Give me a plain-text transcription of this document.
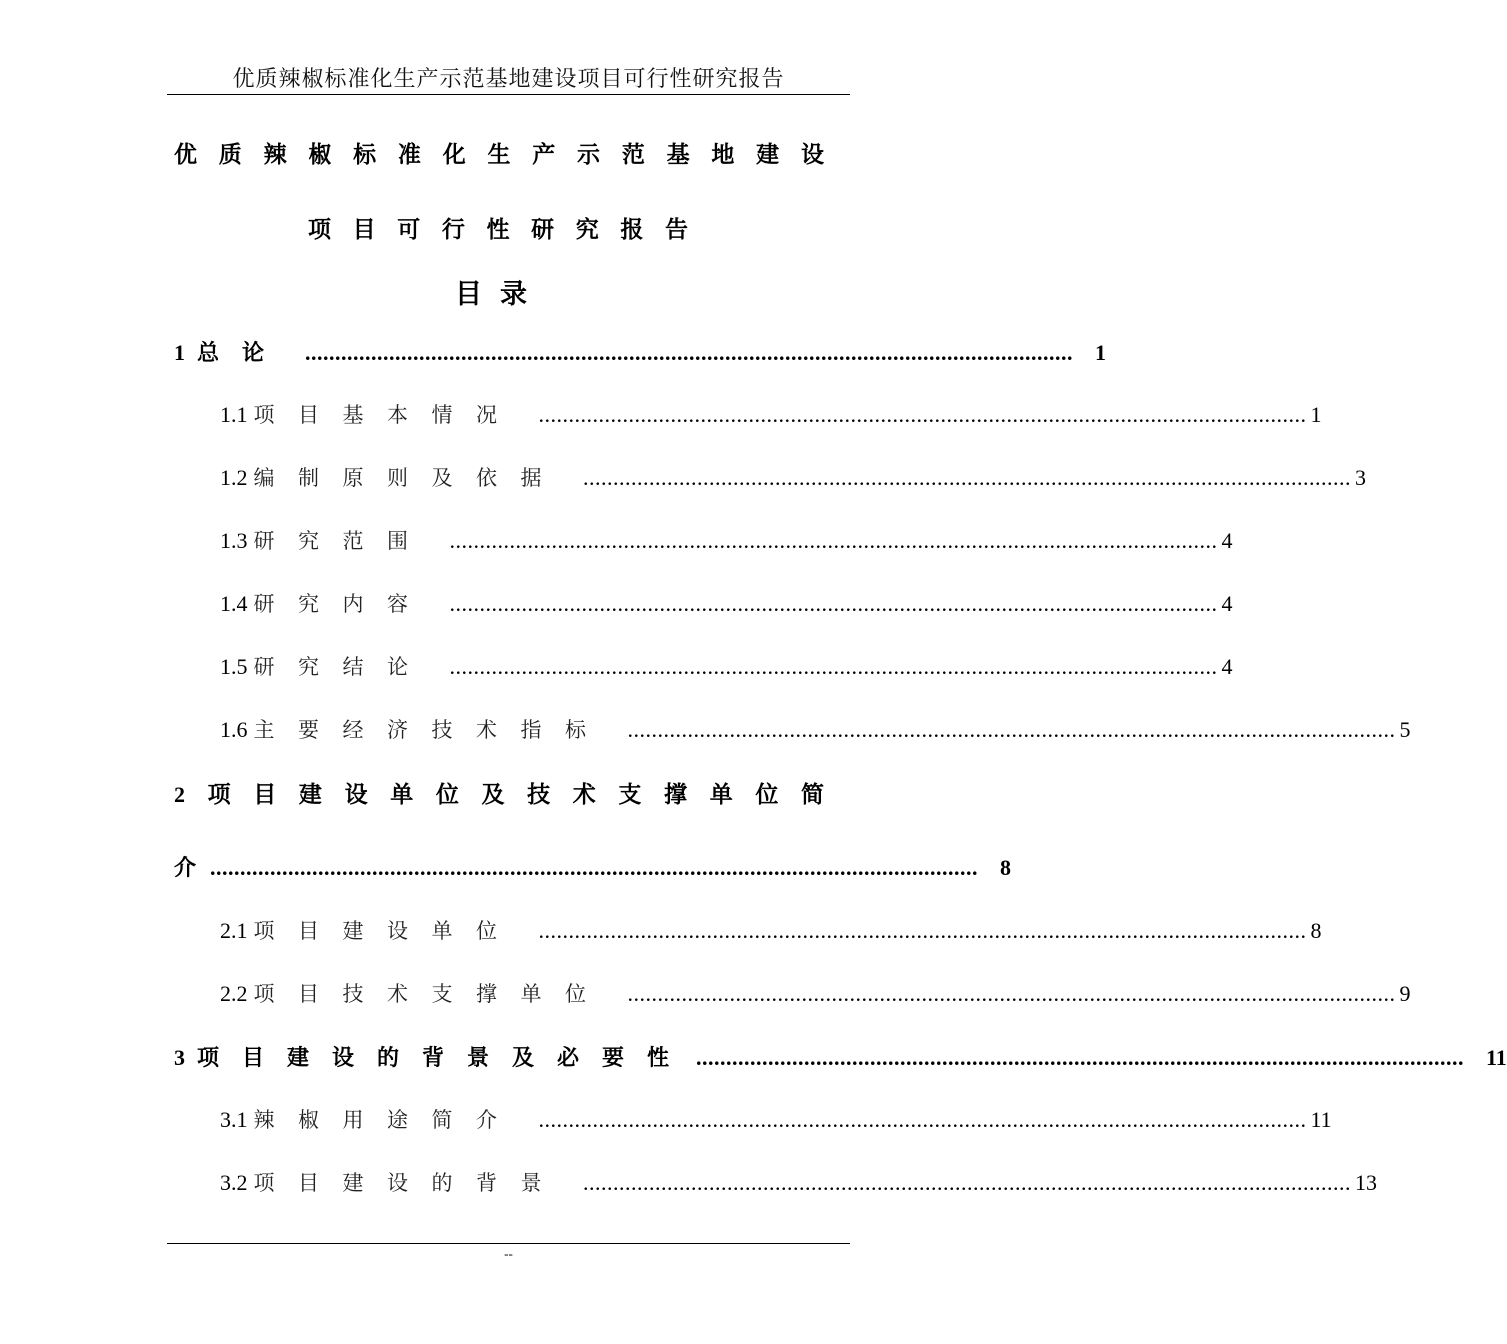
优质辣椒标准化生产示范基地建设项目可行性研究报告
优 质 辣 椒 标 准 化 生 产 示 范 基 地 建 设
项 目 可 行 性 研 究 报 告
目录
1 总	论	................................................................................................................................ 1
1.1 项	目	基	本	情	况	................................................................................................................................ 1
1.2 编	制	原	则	及	依	据	................................................................................................................................ 3
1.3 研	究	范	围	................................................................................................................................ 4
1.4 研	究	内	容	................................................................................................................................ 4
1.5 研	究	结	论	................................................................................................................................ 4
1.6 主	要	经	济	技	术	指	标	................................................................................................................................ 5
2 项 目 建 设 单 位 及 技 术 支 撑 单 位 简
介 ................................................................................................................................ 8
2.1 项	目	建	设	单	位	................................................................................................................................ 8
2.2 项	目	技	术	支	撑	单	位	................................................................................................................................ 9
3 项	目	建	设	的	背	景	及	必	要	性	................................................................................................................................ 11
3.1 辣	椒	用	途	简	介	................................................................................................................................ 11
3.2 项	目	建	设	的	背	景	................................................................................................................................ 13
--
